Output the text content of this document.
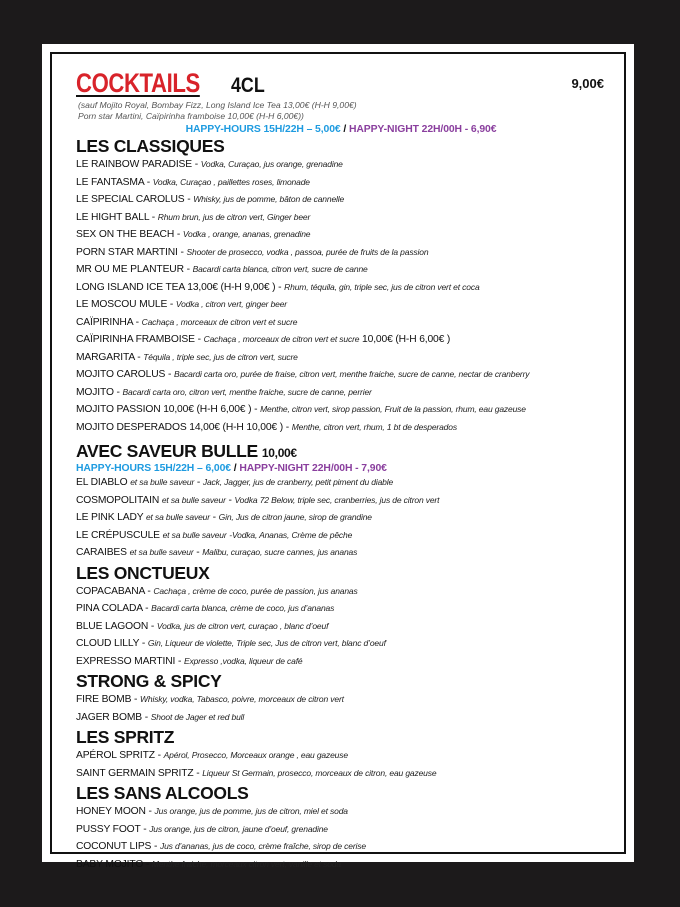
COCKTAILS 4CL	9,00€
(sauf Mojito Royal, Bombay Fizz, Long Island Ice Tea 13,00€ (H-H 9,00€)
Porn star Martini, Caïpirinha framboise 10,00€ (H-H 6,00€))
HAPPY-HOURS 15H/22H – 5,00€ / HAPPY-NIGHT 22H/00H - 6,90€
LES CLASSIQUES
LE RAINBOW PARADISE - Vodka, Curaçao, jus orange, grenadine
LE FANTASMA - Vodka, Curaçao , paillettes roses, limonade
LE SPECIAL CAROLUS - Whisky, jus de pomme, bâton de cannelle
LE HIGHT BALL - Rhum brun, jus de citron vert, Ginger beer
SEX ON THE BEACH - Vodka , orange, ananas, grenadine
PORN STAR MARTINI - Shooter de prosecco, vodka , passoa, purée de fruits de la passion
MR OU ME PLANTEUR - Bacardi carta blanca, citron vert, sucre de canne
LONG ISLAND ICE TEA 13,00€ (H-H 9,00€ ) - Rhum, téquila, gin, triple sec, jus de citron vert et coca
LE MOSCOU MULE - Vodka , citron vert, ginger beer
CAÏPIRINHA - Cachaça , morceaux de citron vert et sucre
CAÏPIRINHA FRAMBOISE - Cachaça , morceaux de citron vert et sucre 10,00€ (H-H 6,00€ )
MARGARITA - Téquila , triple sec, jus de citron vert, sucre
MOJITO CAROLUS - Bacardi carta oro, purée de fraise, citron vert, menthe fraiche, sucre de canne, nectar de cranberry
MOJITO - Bacardi carta oro, citron vert, menthe fraiche, sucre de canne, perrier
MOJITO PASSION 10,00€ (H-H 6,00€ ) - Menthe, citron vert, sirop passion, Fruit de la passion, rhum, eau gazeuse
MOJITO DESPERADOS 14,00€ (H-H 10,00€ ) - Menthe, citron vert, rhum, 1 bt de desperados
AVEC SAVEUR BULLE 10,00€
HAPPY-HOURS 15H/22H – 6,00€ / HAPPY-NIGHT 22H/00H - 7,90€
EL DIABLO et sa bulle saveur - Jack, Jagger, jus de cranberry, petit piment du diable
COSMOPOLITAIN et sa bulle saveur - Vodka 72 Below, triple sec, cranberries, jus de citron vert
LE PINK LADY et sa bulle saveur - Gin, Jus de citron jaune, sirop de grandine
LE CRÉPUSCULE et sa bulle saveur -Vodka, Ananas, Crème de pêche
CARAIBES et sa bulle saveur - Malibu, curaçao, sucre cannes, jus ananas
LES ONCTUEUX
COPACABANA - Cachaça , crème de coco, purée de passion, jus ananas
PINA COLADA - Bacardi carta blanca, crème de coco, jus d’ananas
BLUE LAGOON - Vodka, jus de citron vert, curaçao , blanc d’oeuf
CLOUD LILLY - Gin, Liqueur de violette, Triple sec, Jus de citron vert, blanc d’oeuf
EXPRESSO MARTINI - Expresso ,vodka, liqueur de café
STRONG & SPICY
FIRE BOMB - Whisky, vodka, Tabasco, poivre, morceaux de citron vert
JAGER BOMB - Shoot de Jager et red bull
LES SPRITZ
APÉROL SPRITZ - Apérol, Prosecco, Morceaux orange , eau gazeuse
SAINT GERMAIN SPRITZ - Liqueur St Germain, prosecco, morceaux de citron, eau gazeuse
LES SANS ALCOOLS
HONEY MOON - Jus orange, jus de pomme, jus de citron, miel et soda
PUSSY FOOT - Jus orange, jus de citron, jaune d’oeuf, grenadine
COCONUT LIPS - Jus d’ananas, jus de coco, crème fraîche, sirop de cerise
BABY MOJITO - Menthe fraiche, morceaux citron vert, vanille et soda
